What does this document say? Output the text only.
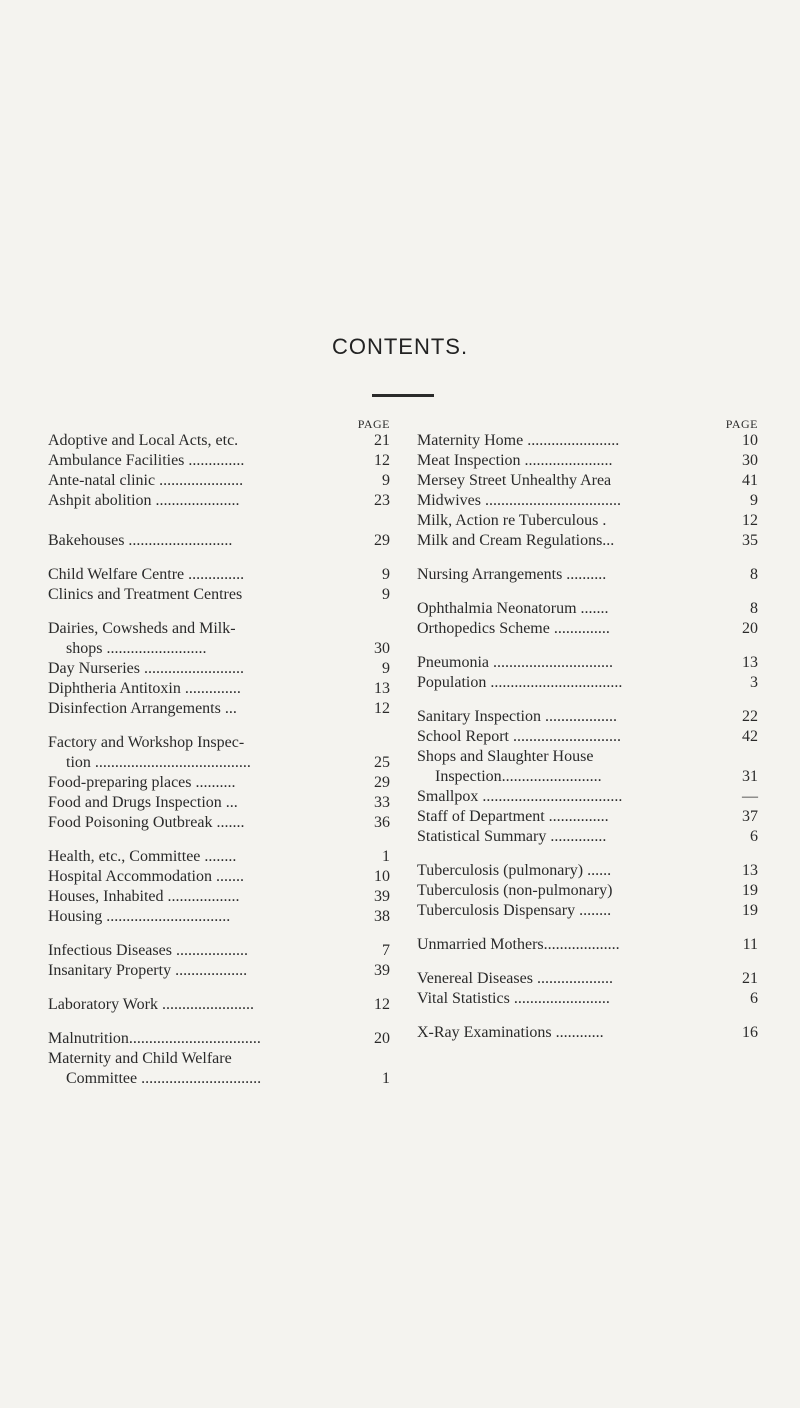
CONTENTS.
PAGE
Adoptive and Local Acts, etc.	21
Ambulance Facilities ..............	12
Ante-natal clinic .....................	9
Ashpit abolition .....................	23
Bakehouses ..........................	29
Child Welfare Centre ..............	9
Clinics and Treatment Centres	9
Dairies, Cowsheds and Milk-
shops .........................	30
Day Nurseries .........................	9
Diphtheria Antitoxin ..............	13
Disinfection Arrangements ...	12
Factory and Workshop Inspec-
tion .......................................	25
Food-preparing places ..........	29
Food and Drugs Inspection ...	33
Food Poisoning Outbreak .......	36
Health, etc., Committee ........	1
Hospital Accommodation .......	10
Houses, Inhabited ..................	39
Housing ...............................	38
Infectious Diseases ..................	7
Insanitary Property ..................	39
Laboratory Work .......................	12
Malnutrition.................................	20
Maternity and Child Welfare
Committee ..............................	1
PAGE
Maternity Home .......................	10
Meat Inspection ......................	30
Mersey Street Unhealthy Area	41
Midwives ..................................	9
Milk, Action re Tuberculous .	12
Milk and Cream Regulations...	35
Nursing Arrangements ..........	8
Ophthalmia Neonatorum .......	8
Orthopedics Scheme ..............	20
Pneumonia ..............................	13
Population .................................	3
Sanitary Inspection ..................	22
School Report ...........................	42
Shops and Slaughter House
Inspection.........................	31
Smallpox ...................................	—
Staff of Department ...............	37
Statistical Summary ..............	6
Tuberculosis (pulmonary) ......	13
Tuberculosis (non-pulmonary)	19
Tuberculosis Dispensary ........	19
Unmarried Mothers...................	11
Venereal Diseases ...................	21
Vital Statistics ........................	6
X-Ray Examinations ............	16
